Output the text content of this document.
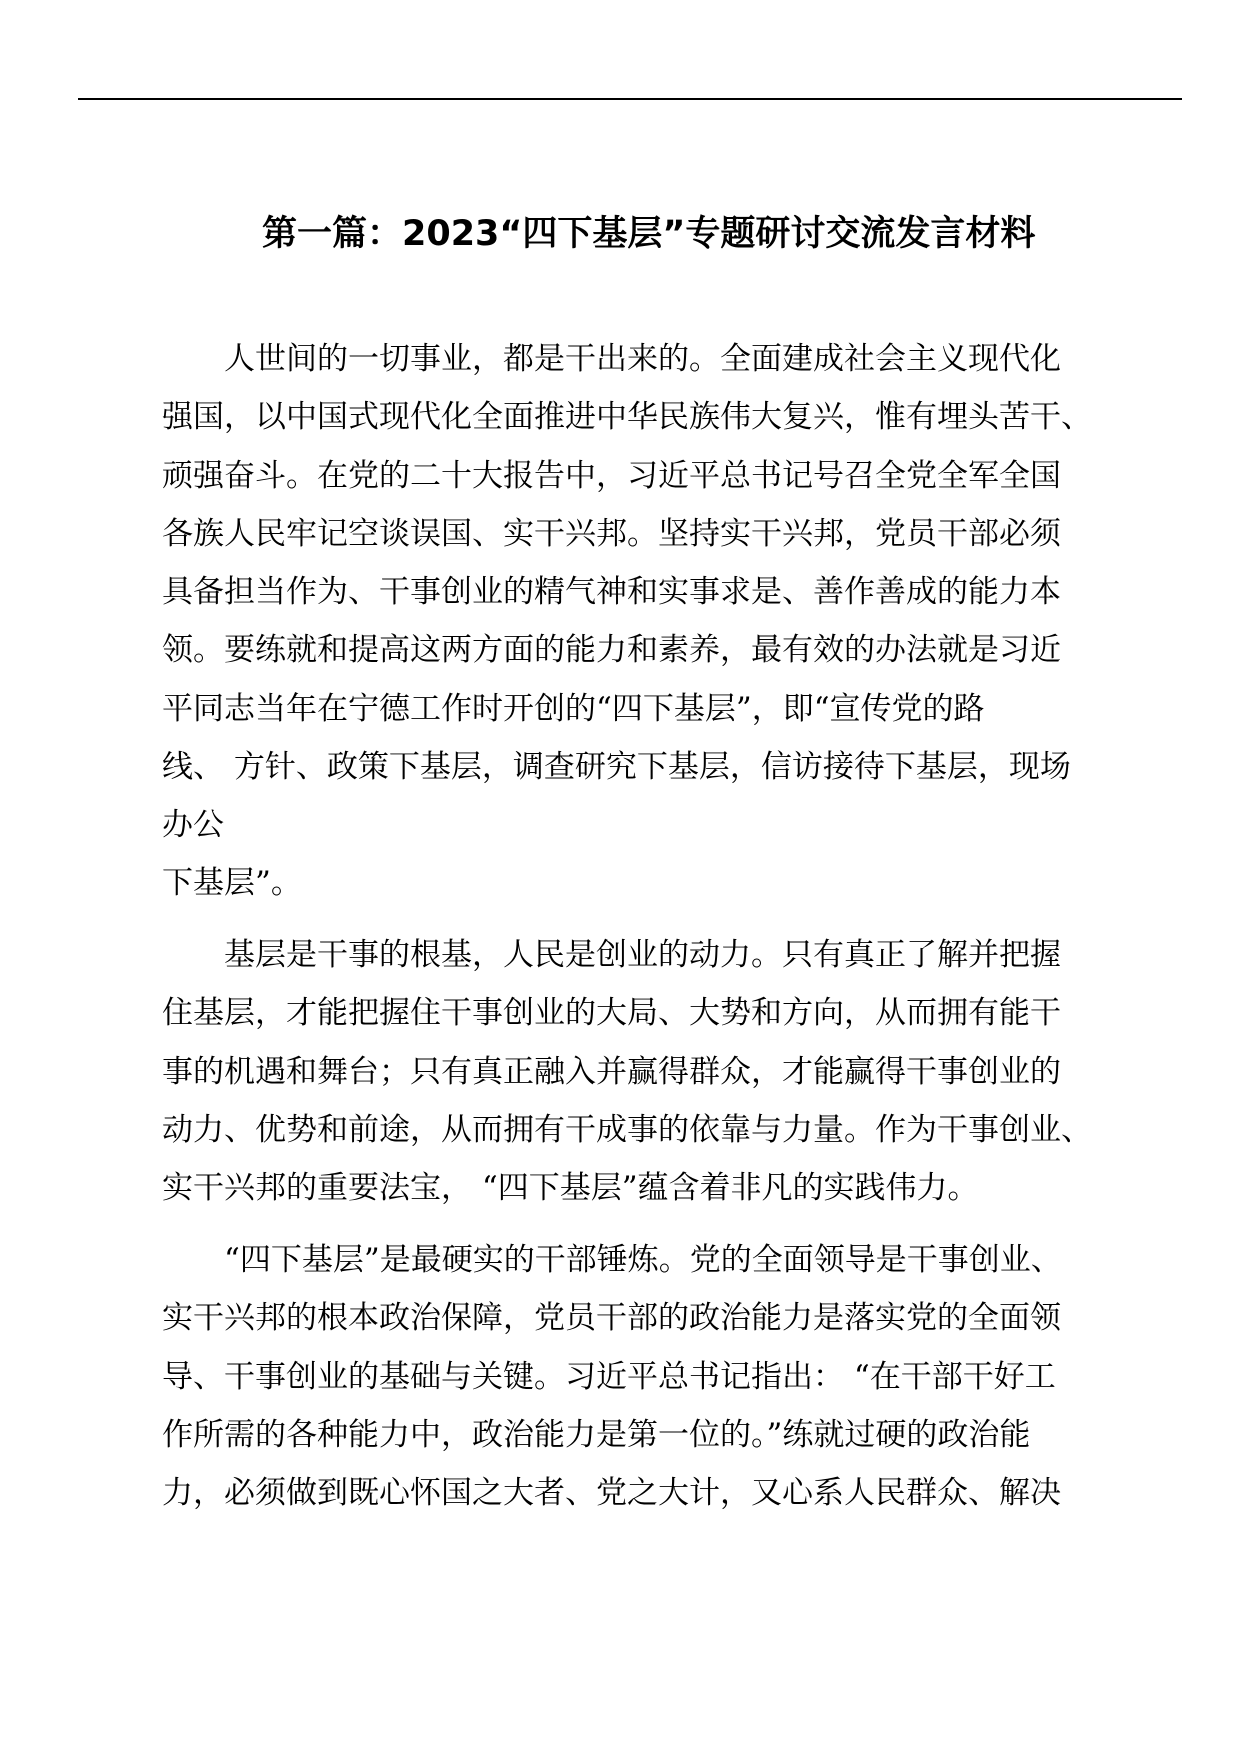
第一篇：2023“四下基层”专题研讨交流发言材料

　　人世间的一切事业，都是干出来的。全面建成社会主义现代化

强国，以中国式现代化全面推进中华民族伟大复兴，惟有埋头苦干、

顽强奋斗。在党的二十大报告中，习近平总书记号召全党全军全国

各族人民牢记空谈误国、实干兴邦。坚持实干兴邦，党员干部必须

具备担当作为、干事创业的精气神和实事求是、善作善成的能力本

领。要练就和提高这两方面的能力和素养，最有效的办法就是习近

平同志当年在宁德工作时开创的“四下基层”，即“宣传党的路

线、 方针、政策下基层，调查研究下基层，信访接待下基层，现场

办公

下基层”。

　　基层是干事的根基，人民是创业的动力。只有真正了解并把握

住基层，才能把握住干事创业的大局、大势和方向，从而拥有能干

事的机遇和舞台；只有真正融入并赢得群众，才能赢得干事创业的

动力、优势和前途，从而拥有干成事的依靠与力量。作为干事创业、

实干兴邦的重要法宝， “四下基层”蕴含着非凡的实践伟力。

　　“四下基层”是最硬实的干部锤炼。党的全面领导是干事创业、

实干兴邦的根本政治保障，党员干部的政治能力是落实党的全面领

导、干事创业的基础与关键。习近平总书记指出： “在干部干好工

作所需的各种能力中，政治能力是第一位的。”练就过硬的政治能

力，必须做到既心怀国之大者、党之大计，又心系人民群众、解决
